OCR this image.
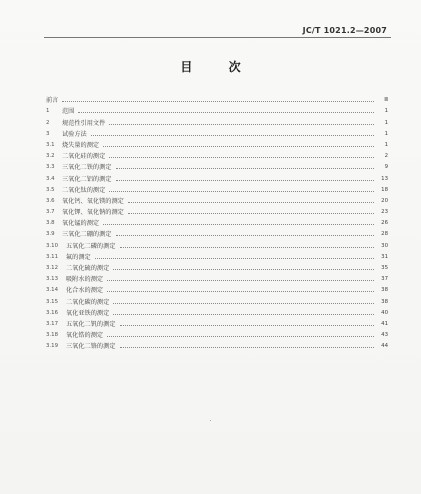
JC/T 1021.2—2007
目 次
前言	Ⅲ
1	范围	1
2	规范性引用文件	1
3	试验方法	1
3.1	烧失量的测定	1
3.2	二氧化硅的测定	2
3.3	三氧化二铁的测定	9
3.4	三氧化二铝的测定	13
3.5	二氧化钛的测定	18
3.6	氧化钙、氧化镁的测定	20
3.7	氧化钾、氧化钠的测定	23
3.8	氧化锰的测定	26
3.9	三氧化二硼的测定	28
3.10	五氧化二磷的测定	30
3.11	氟的测定	31
3.12	二氧化硫的测定	35
3.13	吸附水的测定	37
3.14	化合水的测定	38
3.15	二氧化碳的测定	38
3.16	氧化亚铁的测定	40
3.17	五氧化二钒的测定	41
3.18	氧化锆的测定	43
3.19	三氧化二铬的测定	44
·
